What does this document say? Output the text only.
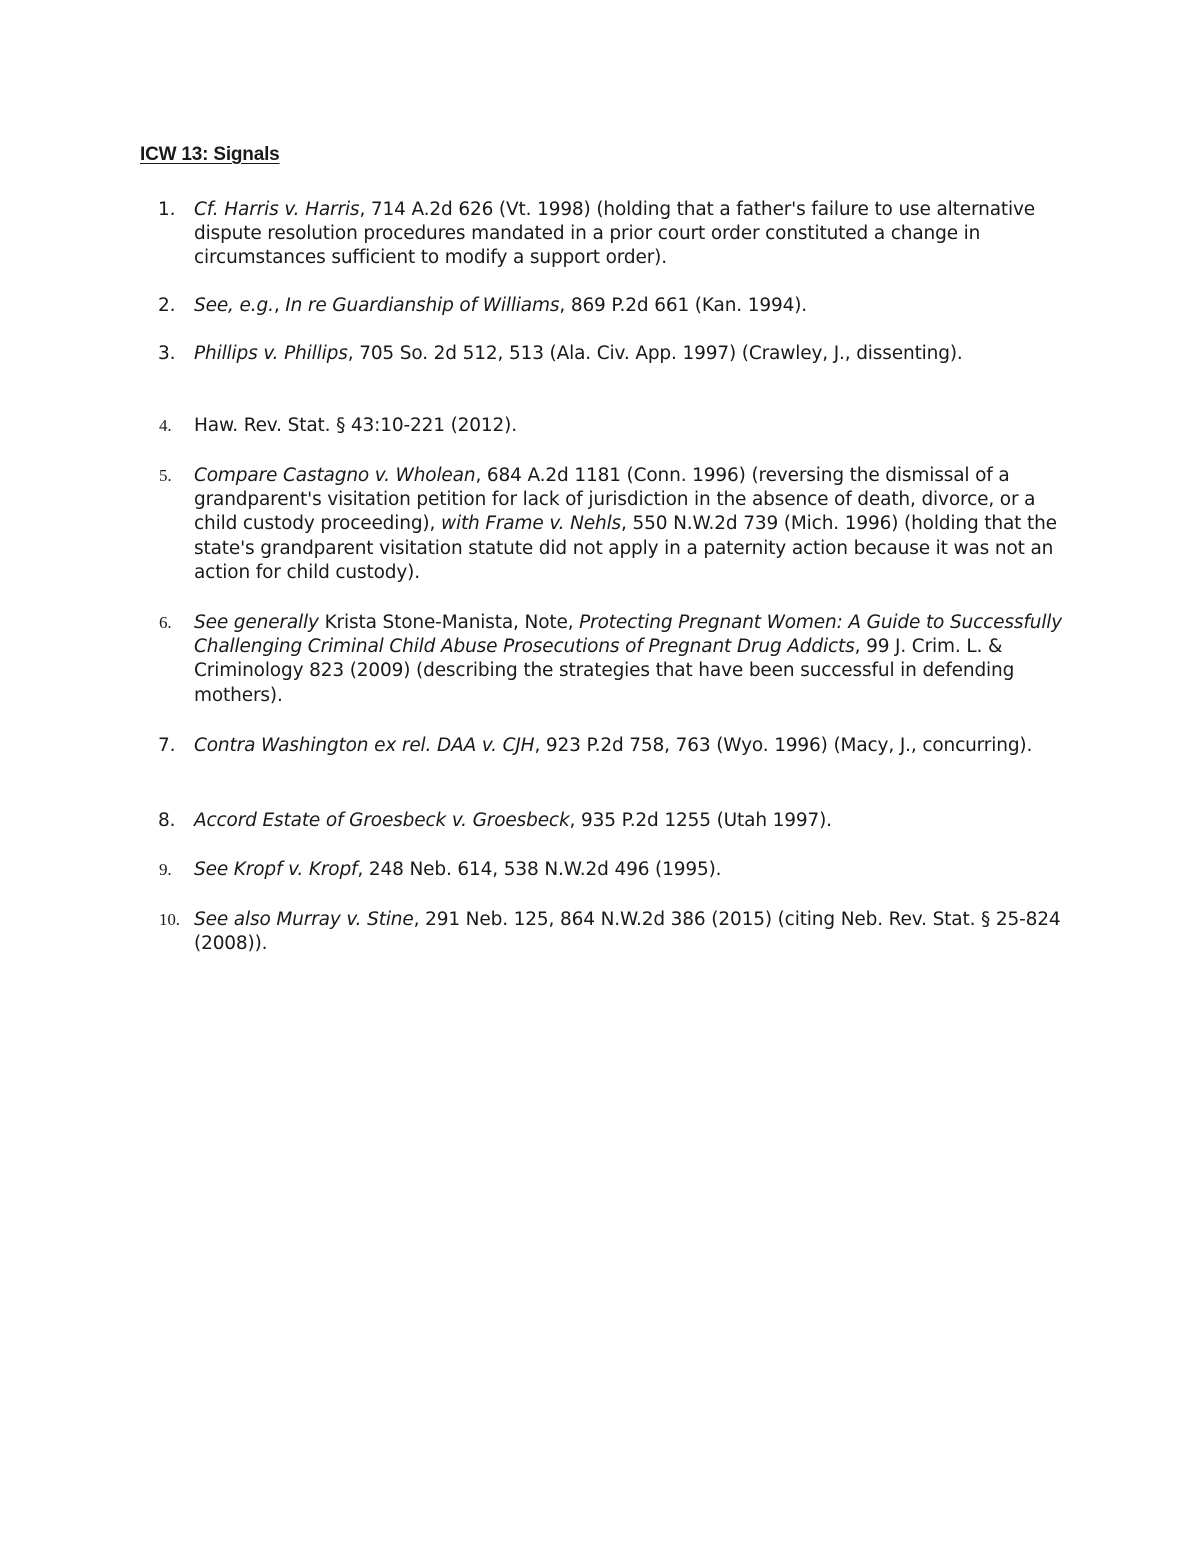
ICW 13: Signals
1.	Cf. Harris v. Harris, 714 A.2d 626 (Vt. 1998) (holding that a father's failure to use alternative dispute resolution procedures mandated in a prior court order constituted a change in circumstances sufficient to modify a support order).
2.	See, e.g., In re Guardianship of Williams, 869 P.2d 661 (Kan. 1994).
3.	Phillips v. Phillips, 705 So. 2d 512, 513 (Ala. Civ. App. 1997) (Crawley, J., dissenting).
4.	Haw. Rev. Stat. § 43:10-221 (2012).
5.	Compare Castagno v. Wholean, 684 A.2d 1181 (Conn. 1996) (reversing the dismissal of a grandparent's visitation petition for lack of jurisdiction in the absence of death, divorce, or a child custody proceeding), with Frame v. Nehls, 550 N.W.2d 739 (Mich. 1996) (holding that the state's grandparent visitation statute did not apply in a paternity action because it was not an action for child custody).
6.	See generally Krista Stone-Manista, Note, Protecting Pregnant Women: A Guide to Successfully Challenging Criminal Child Abuse Prosecutions of Pregnant Drug Addicts, 99 J. Crim. L. & Criminology 823 (2009) (describing the strategies that have been successful in defending mothers).
7.	Contra Washington ex rel. DAA v. CJH, 923 P.2d 758, 763 (Wyo. 1996) (Macy, J., concurring).
8.	Accord Estate of Groesbeck v. Groesbeck, 935 P.2d 1255 (Utah 1997).
9.	See Kropf v. Kropf, 248 Neb. 614, 538 N.W.2d 496 (1995).
10. See also Murray v. Stine, 291 Neb. 125, 864 N.W.2d 386 (2015) (citing Neb. Rev. Stat. § 25-824 (2008)).
